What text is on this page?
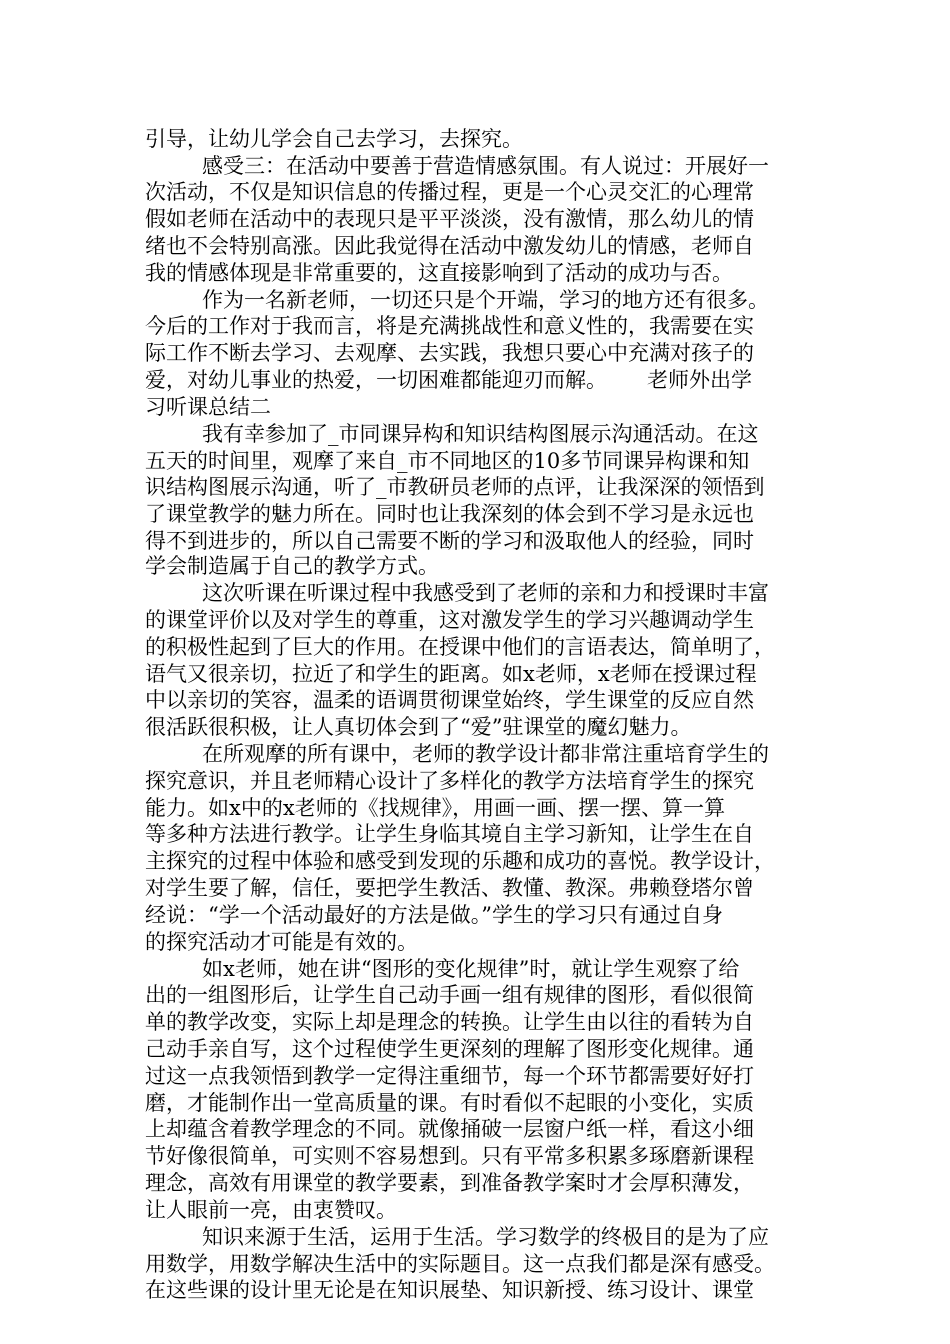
引导，让幼儿学会自己去学习，去探究。
感受三：在活动中要善于营造情感氛围。有人说过：开展好一
次活动，不仅是知识信息的传播过程，更是一个心灵交汇的心理常
假如老师在活动中的表现只是平平淡淡，没有激情，那么幼儿的情
绪也不会特别高涨。因此我觉得在活动中激发幼儿的情感，老师自
我的情感体现是非常重要的，这直接影响到了活动的成功与否。
作为一名新老师，一切还只是个开端，学习的地方还有很多。
今后的工作对于我而言，将是充满挑战性和意义性的，我需要在实
际工作不断去学习、去观摩、去实践，我想只要心中充满对孩子的
爱，对幼儿事业的热爱，一切困难都能迎刃而解。      老师外出学
习听课总结二
我有幸参加了_市同课异构和知识结构图展示沟通活动。在这
五天的时间里，观摩了来自_市不同地区的10多节同课异构课和知
识结构图展示沟通，听了_市教研员老师的点评，让我深深的领悟到
了课堂教学的魅力所在。同时也让我深刻的体会到不学习是永远也
得不到进步的，所以自己需要不断的学习和汲取他人的经验，同时
学会制造属于自己的教学方式。
这次听课在听课过程中我感受到了老师的亲和力和授课时丰富
的课堂评价以及对学生的尊重，这对激发学生的学习兴趣调动学生
的积极性起到了巨大的作用。在授课中他们的言语表达，简单明了，
语气又很亲切，拉近了和学生的距离。如x老师，x老师在授课过程
中以亲切的笑容，温柔的语调贯彻课堂始终，学生课堂的反应自然
很活跃很积极，让人真切体会到了“爱”驻课堂的魔幻魅力。
在所观摩的所有课中，老师的教学设计都非常注重培育学生的
探究意识，并且老师精心设计了多样化的教学方法培育学生的探究
能力。如x中的x老师的《找规律》，用画一画、摆一摆、算一算
等多种方法进行教学。让学生身临其境自主学习新知，让学生在自
主探究的过程中体验和感受到发现的乐趣和成功的喜悦。教学设计，
对学生要了解，信任，要把学生教活、教懂、教深。弗赖登塔尔曾
经说：“学一个活动最好的方法是做。”学生的学习只有通过自身
的探究活动才可能是有效的。
如x老师，她在讲“图形的变化规律”时，就让学生观察了给
出的一组图形后，让学生自己动手画一组有规律的图形，看似很简
单的教学改变，实际上却是理念的转换。让学生由以往的看转为自
己动手亲自写，这个过程使学生更深刻的理解了图形变化规律。通
过这一点我领悟到教学一定得注重细节，每一个环节都需要好好打
磨，才能制作出一堂高质量的课。有时看似不起眼的小变化，实质
上却蕴含着教学理念的不同。就像捅破一层窗户纸一样，看这小细
节好像很简单，可实则不容易想到。只有平常多积累多琢磨新课程
理念，高效有用课堂的教学要素，到准备教学案时才会厚积薄发，
让人眼前一亮，由衷赞叹。
知识来源于生活，运用于生活。学习数学的终极目的是为了应
用数学，用数学解决生活中的实际题目。这一点我们都是深有感受。
在这些课的设计里无论是在知识展垫、知识新授、练习设计、课堂
